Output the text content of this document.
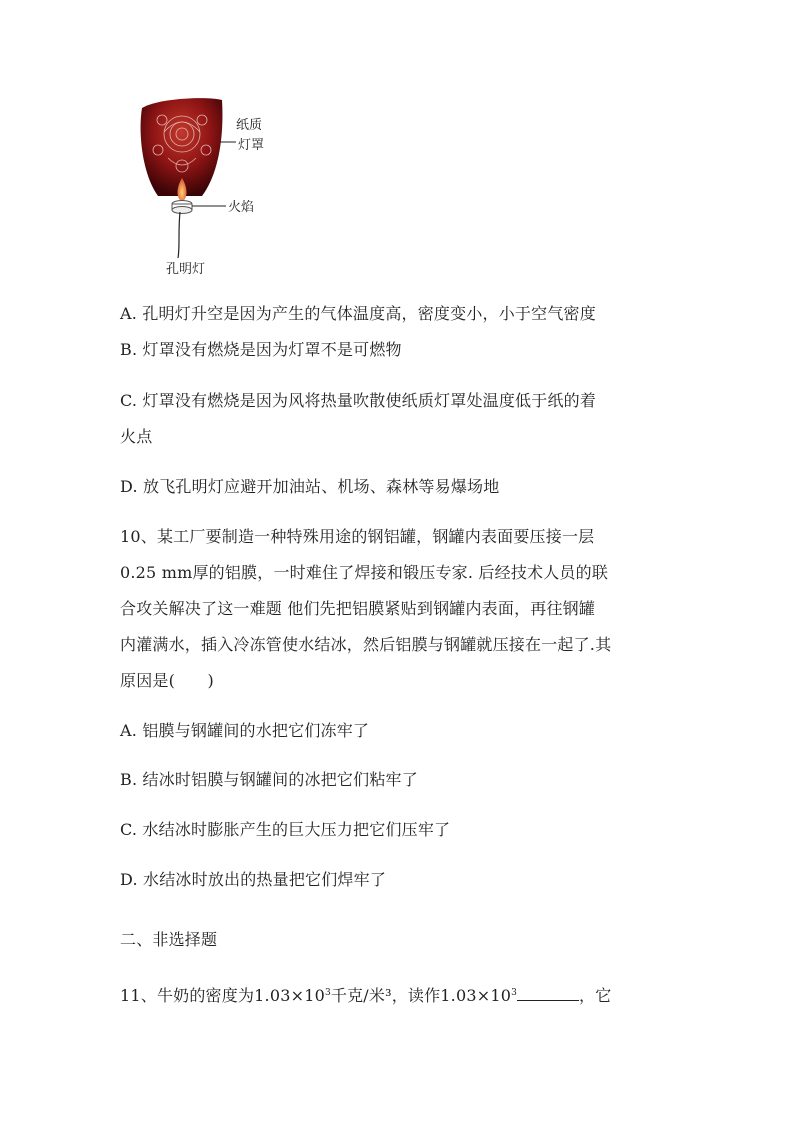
纸质
灯罩
火焰
孔明灯
A. 孔明灯升空是因为产生的气体温度高，密度变小，小于空气密度
B. 灯罩没有燃烧是因为灯罩不是可燃物
C. 灯罩没有燃烧是因为风将热量吹散使纸质灯罩处温度低于纸的着
火点
D. 放飞孔明灯应避开加油站、机场、森林等易爆场地
10、某工厂要制造一种特殊用途的钢铝罐，钢罐内表面要压接一层
0.25 mm厚的铝膜，一时难住了焊接和锻压专家. 后经技术人员的联
合攻关解决了这一难题 他们先把铝膜紧贴到钢罐内表面，再往钢罐
内灌满水，插入冷冻管使水结冰，然后铝膜与钢罐就压接在一起了.其
原因是(　　)
A. 铝膜与钢罐间的水把它们冻牢了
B. 结冰时铝膜与钢罐间的冰把它们粘牢了
C. 水结冰时膨胀产生的巨大压力把它们压牢了
D. 水结冰时放出的热量把它们焊牢了
二、非选择题
11、牛奶的密度为$1.03\times 10^3$千克/米³，读作$1.03\times 10^3$	，它
